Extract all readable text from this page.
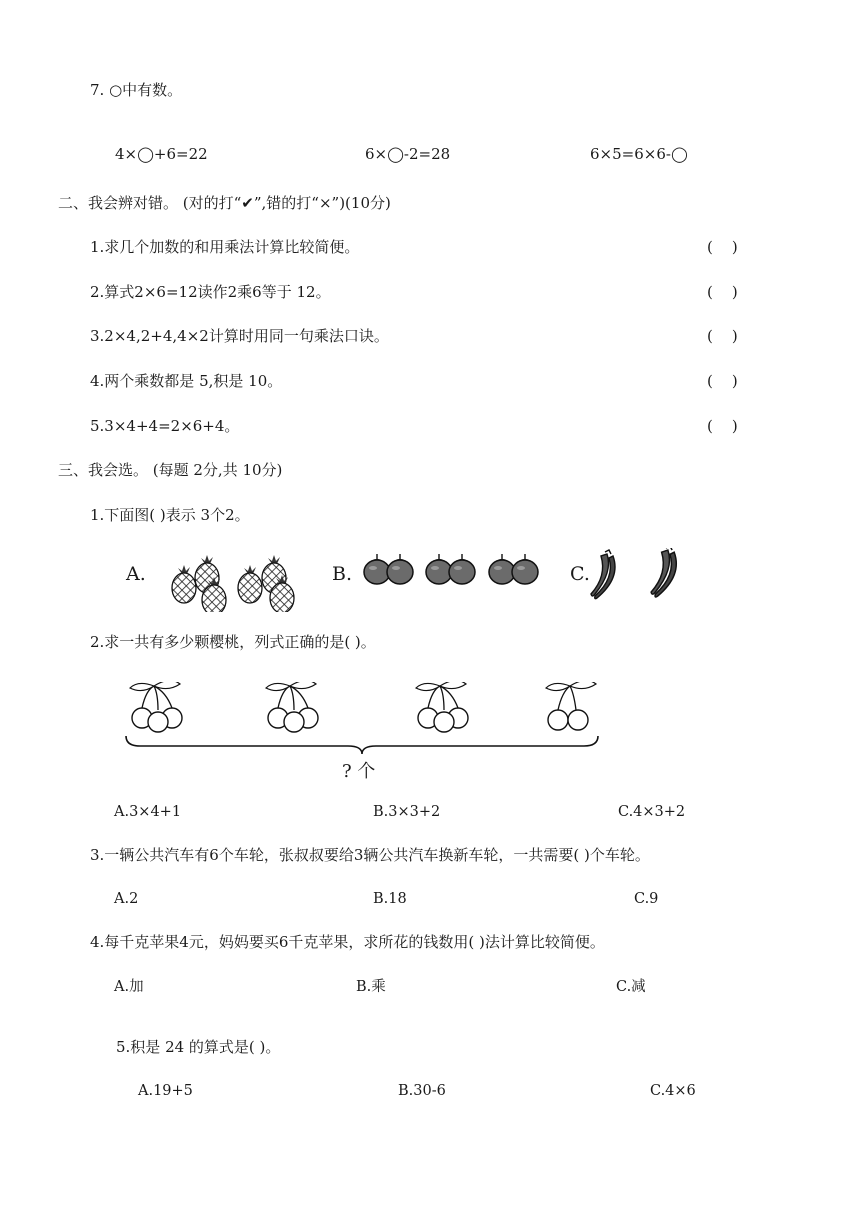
7. ○中有数。
4×◯+6=22	6×◯-2=28	6×5=6×6-◯
二、我会辨对错。 (对的打“✔”,错的打“×”)(10分)
1.求几个加数的和用乘法计算比较简便。	(    )
2.算式2×6=12读作2乘6等于 12。	(    )
3.2×4,2+4,4×2计算时用同一句乘法口诀。	(    )
4.两个乘数都是 5,积是 10。	(    )
5.3×4+4=2×6+4。	(    )
三、我会选。 (每题 2分,共 10分)
1.下面图( )表示 3个2。
A.	B.	C.
2.求一共有多少颗樱桃，列式正确的是( )。
? 个
A.3×4+1	B.3×3+2	C.4×3+2
3.一辆公共汽车有6个车轮，张叔叔要给3辆公共汽车换新车轮，一共需要( )个车轮。
A.2	B.18	C.9
4.每千克苹果4元，妈妈要买6千克苹果，求所花的钱数用( )法计算比较简便。
A.加	B.乘	C.减
5.积是 24 的算式是( )。
A.19+5	B.30-6	C.4×6
